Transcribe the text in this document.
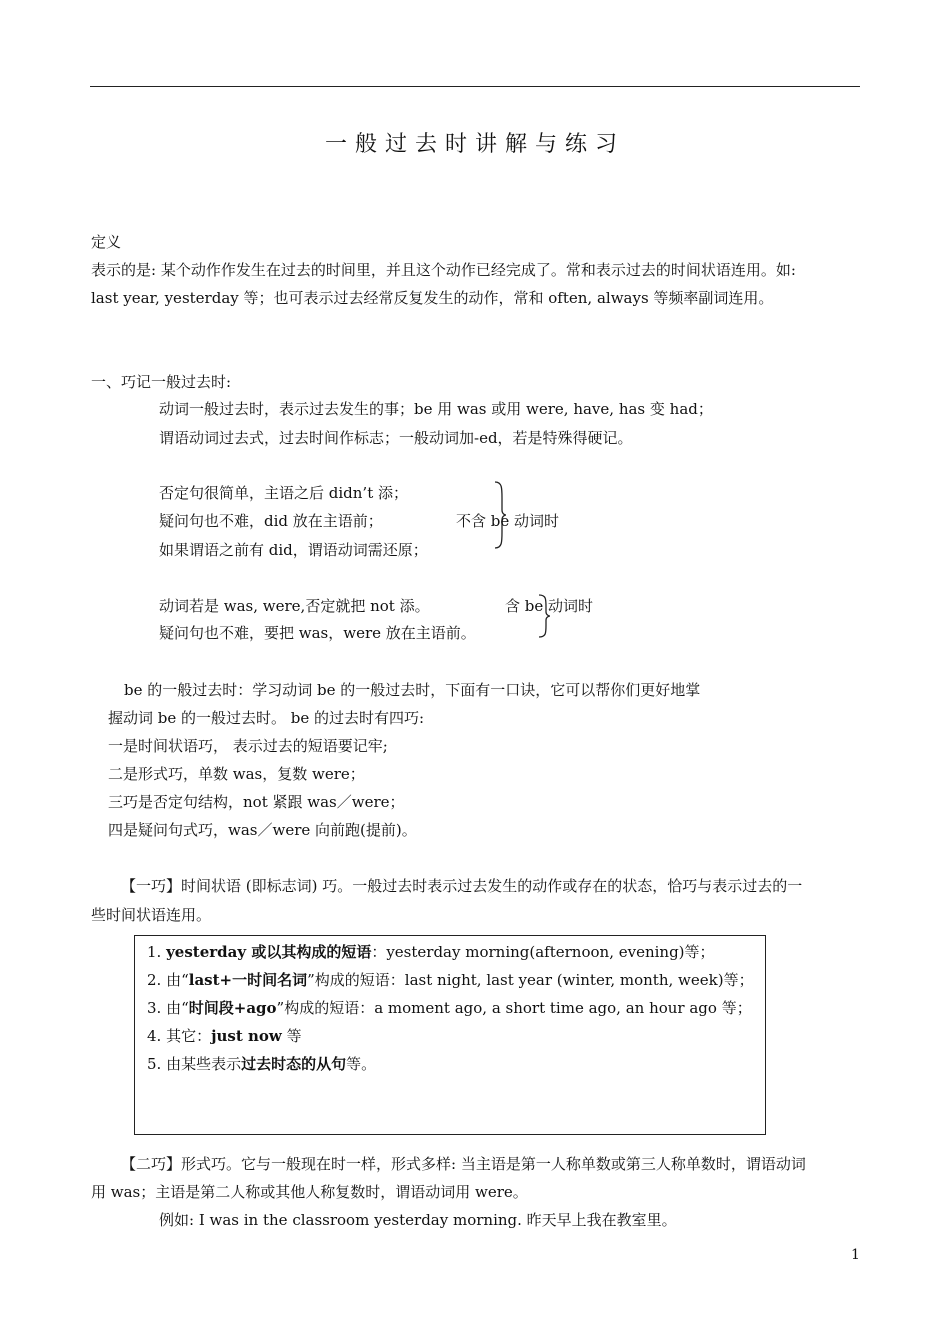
一般过去时讲解与练习
定义
表示的是: 某个动作作发生在过去的时间里，并且这个动作已经完成了。常和表示过去的时间状语连用。如:
last year, yesterday 等；也可表示过去经常反复发生的动作，常和 often, always 等频率副词连用。
一、巧记一般过去时:
动词一般过去时，表示过去发生的事；be 用 was 或用 were, have, has 变 had；
谓语动词过去式，过去时间作标志；一般动词加-ed，若是特殊得硬记。
否定句很简单，主语之后 didn’t 添；
疑问句也不难，did 放在主语前；
如果谓语之前有 did，谓语动词需还原；
不含 be 动词时
动词若是 was, were,否定就把 not 添。
疑问句也不难，要把 was，were 放在主语前。
含 be 动词时
be 的一般过去时：学习动词 be 的一般过去时，下面有一口诀，它可以帮你们更好地掌
握动词 be 的一般过去时。 be 的过去时有四巧:
一是时间状语巧， 表示过去的短语要记牢;
二是形式巧，单数 was，复数 were；
三巧是否定句结构，not 紧跟 was／were；
四是疑问句式巧，was／were 向前跑(提前)。
【一巧】时间状语 (即标志词) 巧。一般过去时表示过去发生的动作或存在的状态，恰巧与表示过去的一
些时间状语连用。
1. yesterday 或以其构成的短语：yesterday morning(afternoon, evening)等；
2. 由“last+一时间名词”构成的短语：last night, last year (winter, month, week)等；
3. 由“时间段+ago”构成的短语：a moment ago, a short time ago, an hour ago 等；
4. 其它：just now 等
5. 由某些表示过去时态的从句等。
【二巧】形式巧。它与一般现在时一样，形式多样: 当主语是第一人称单数或第三人称单数时，谓语动词
用 was；主语是第二人称或其他人称复数时，谓语动词用 were。
例如: I was in the classroom yesterday morning. 昨天早上我在教室里。
1
